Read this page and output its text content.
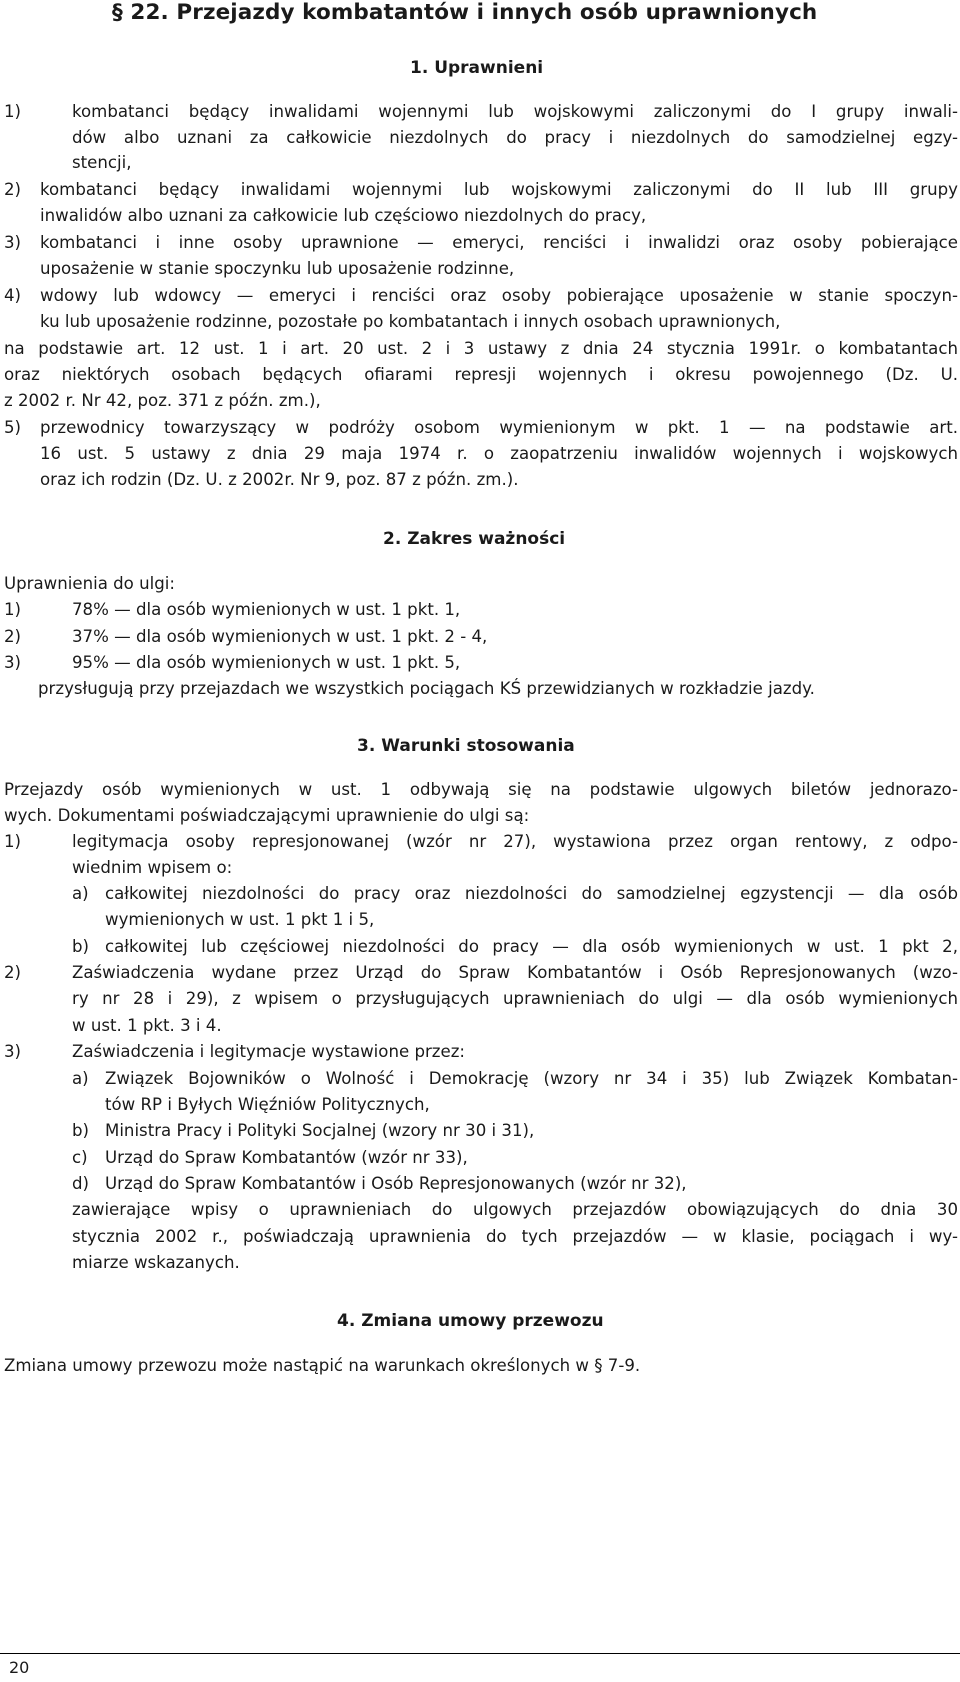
§ 22. Przejazdy kombatantów i innych osób uprawnionych
1. Uprawnieni
1)	kombatanci będący inwalidami wojennymi lub wojskowymi zaliczonymi do I grupy inwali-
dów albo uznani za całkowicie niezdolnych do pracy i niezdolnych do samodzielnej egzy-
stencji,
2) kombatanci będący inwalidami wojennymi lub wojskowymi zaliczonymi do II lub III grupy
inwalidów albo uznani za całkowicie lub częściowo niezdolnych do pracy,
3) kombatanci i inne osoby uprawnione — emeryci, renciści i inwalidzi oraz osoby pobierające
uposażenie w stanie spoczynku lub uposażenie rodzinne,
4) wdowy lub wdowcy — emeryci i renciści oraz osoby pobierające uposażenie w stanie spoczyn-
ku lub uposażenie rodzinne, pozostałe po kombatantach i innych osobach uprawnionych,
na podstawie art. 12 ust. 1 i art. 20 ust. 2 i 3 ustawy z dnia 24 stycznia 1991r. o kombatantach
oraz niektórych osobach będących ofiarami represji wojennych i okresu powojennego (Dz. U.
z 2002 r. Nr 42, poz. 371 z późn. zm.),
5) przewodnicy towarzyszący w podróży osobom wymienionym w pkt. 1 — na podstawie art.
16 ust. 5 ustawy z dnia 29 maja 1974 r. o zaopatrzeniu inwalidów wojennych i wojskowych
oraz ich rodzin (Dz. U. z 2002r. Nr 9, poz. 87 z późn. zm.).
2. Zakres ważności
Uprawnienia do ulgi:
1)	78% — dla osób wymienionych w ust. 1 pkt. 1,
2)	37% — dla osób wymienionych w ust. 1 pkt. 2 - 4,
3)	95% — dla osób wymienionych w ust. 1 pkt. 5,
przysługują przy przejazdach we wszystkich pociągach KŚ przewidzianych w rozkładzie jazdy.
3. Warunki stosowania
Przejazdy osób wymienionych w ust. 1 odbywają się na podstawie ulgowych biletów jednorazo-
wych. Dokumentami poświadczającymi uprawnienie do ulgi są:
1)	legitymacja osoby represjonowanej (wzór nr 27), wystawiona przez organ rentowy, z odpo-
wiednim wpisem o:
a) całkowitej niezdolności do pracy oraz niezdolności do samodzielnej egzystencji — dla osób
wymienionych w ust. 1 pkt 1 i 5,
b) całkowitej lub częściowej niezdolności do pracy — dla osób wymienionych w ust. 1 pkt 2,
2)	Zaświadczenia wydane przez Urząd do Spraw Kombatantów i Osób Represjonowanych (wzo-
ry nr 28 i 29), z wpisem o przysługujących uprawnieniach do ulgi — dla osób wymienionych
w ust. 1 pkt. 3 i 4.
3)	Zaświadczenia i legitymacje wystawione przez:
a) Związek Bojowników o Wolność i Demokrację (wzory nr 34 i 35) lub Związek Kombatan-
tów RP i Byłych Więźniów Politycznych,
b) Ministra Pracy i Polityki Socjalnej (wzory nr 30 i 31),
c) Urząd do Spraw Kombatantów (wzór nr 33),
d) Urząd do Spraw Kombatantów i Osób Represjonowanych (wzór nr 32),
zawierające wpisy o uprawnieniach do ulgowych przejazdów obowiązujących do dnia 30
stycznia 2002 r., poświadczają uprawnienia do tych przejazdów — w klasie, pociągach i wy-
miarze wskazanych.
4. Zmiana umowy przewozu
Zmiana umowy przewozu może nastąpić na warunkach określonych w § 7-9.
20
